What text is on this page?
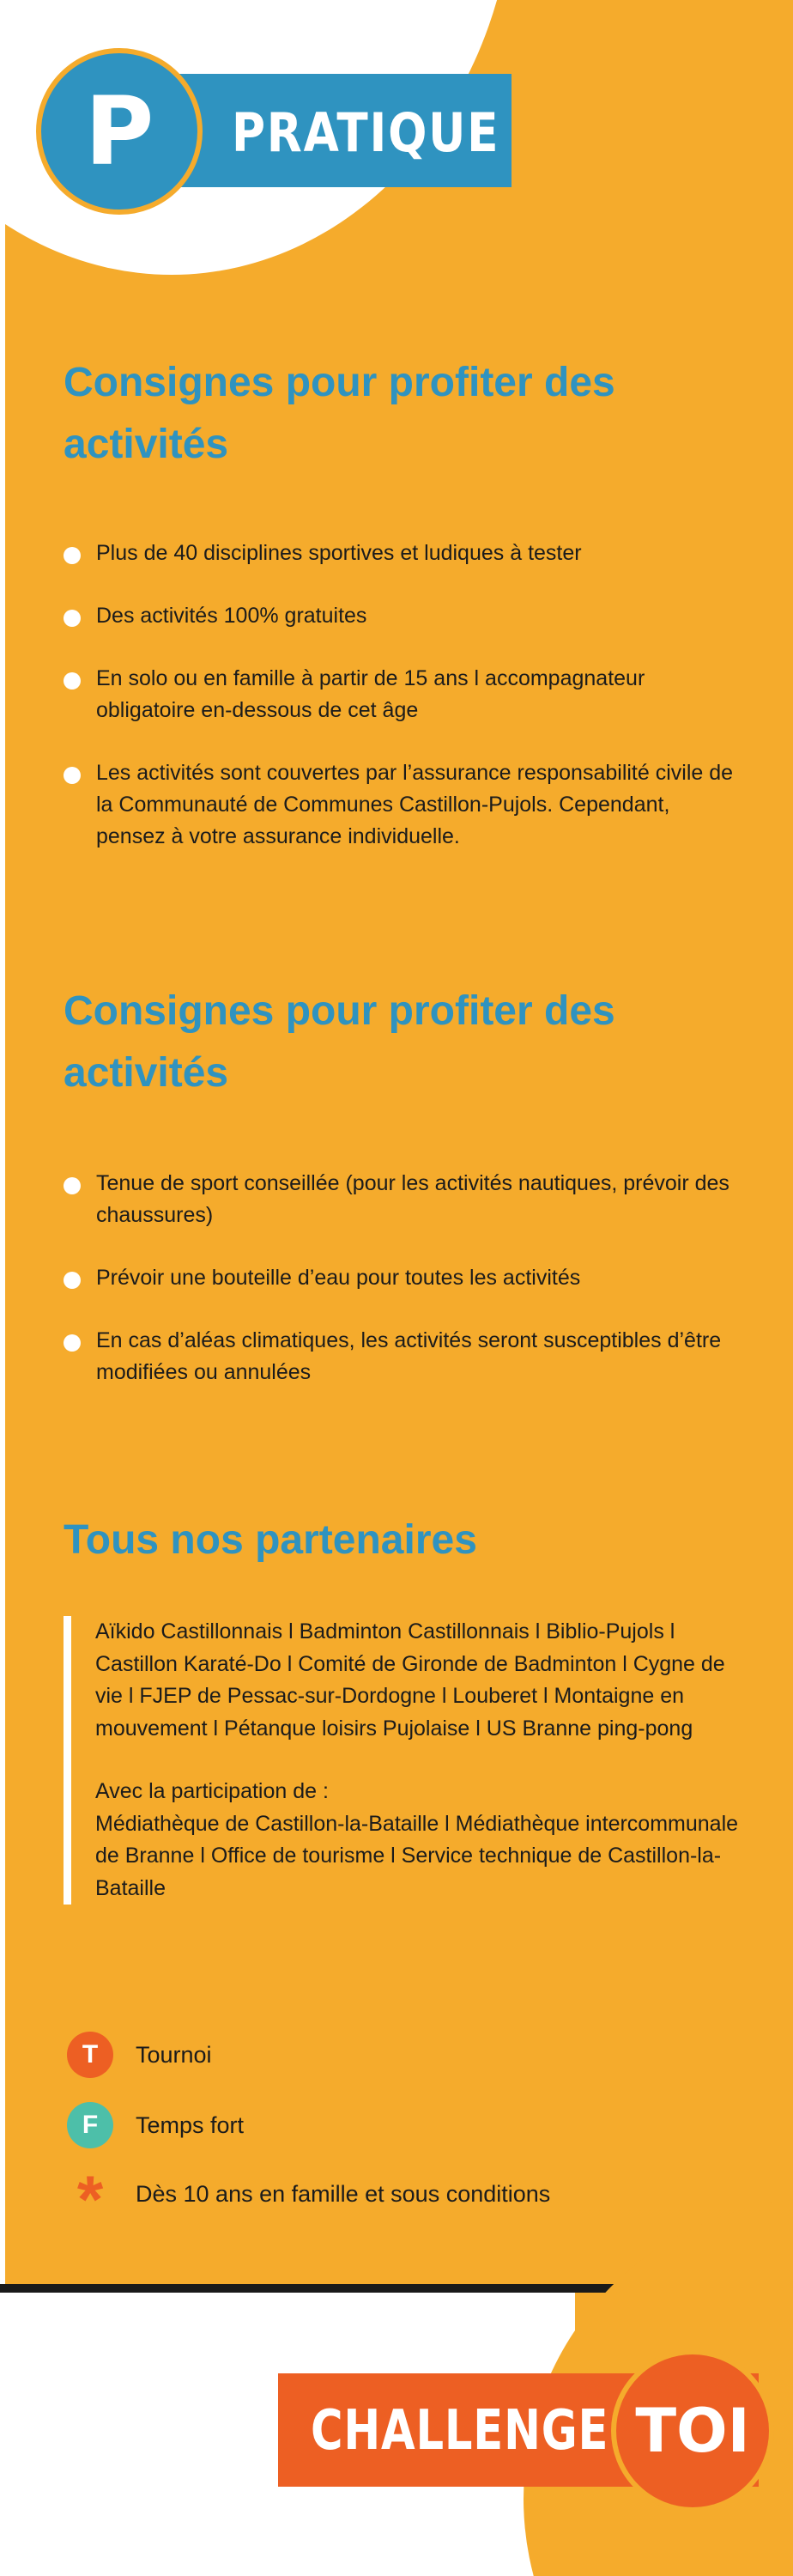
PRATIQUE
P
Consignes pour profiter des
activités
Plus de 40 disciplines sportives et ludiques à tester
Des activités 100% gratuites
En solo ou en famille à partir de 15 ans l accompagnateur obligatoire en-dessous de cet âge
Les activités sont couvertes par l’assurance responsabilité civile de la Communauté de Communes Castillon-Pujols. Cependant, pensez à votre assurance individuelle.
Consignes pour profiter des
activités
Tenue de sport conseillée (pour les activités nautiques, prévoir des chaussures)
Prévoir une bouteille d’eau pour toutes les activités
En cas d’aléas climatiques, les activités seront susceptibles d’être modifiées ou annulées
Tous nos partenaires

Aïkido Castillonnais l Badminton Castillonnais l Biblio-Pujols l Castillon Karaté-Do l Comité de Gironde de Badminton l Cygne de vie l FJEP de Pessac-sur-Dordogne l Louberet l Montaigne en mouvement l Pétanque loisirs Pujolaise l US Branne ping-pong

Avec la participation de :
Médiathèque de Castillon-la-Bataille l Médiathèque intercommunale de Branne l Office de tourisme l Service technique de Castillon-la-Bataille

T	Tournoi
F	Temps fort
*	Dès 10 ans en famille et sous conditions
CHALLENGE TOI
